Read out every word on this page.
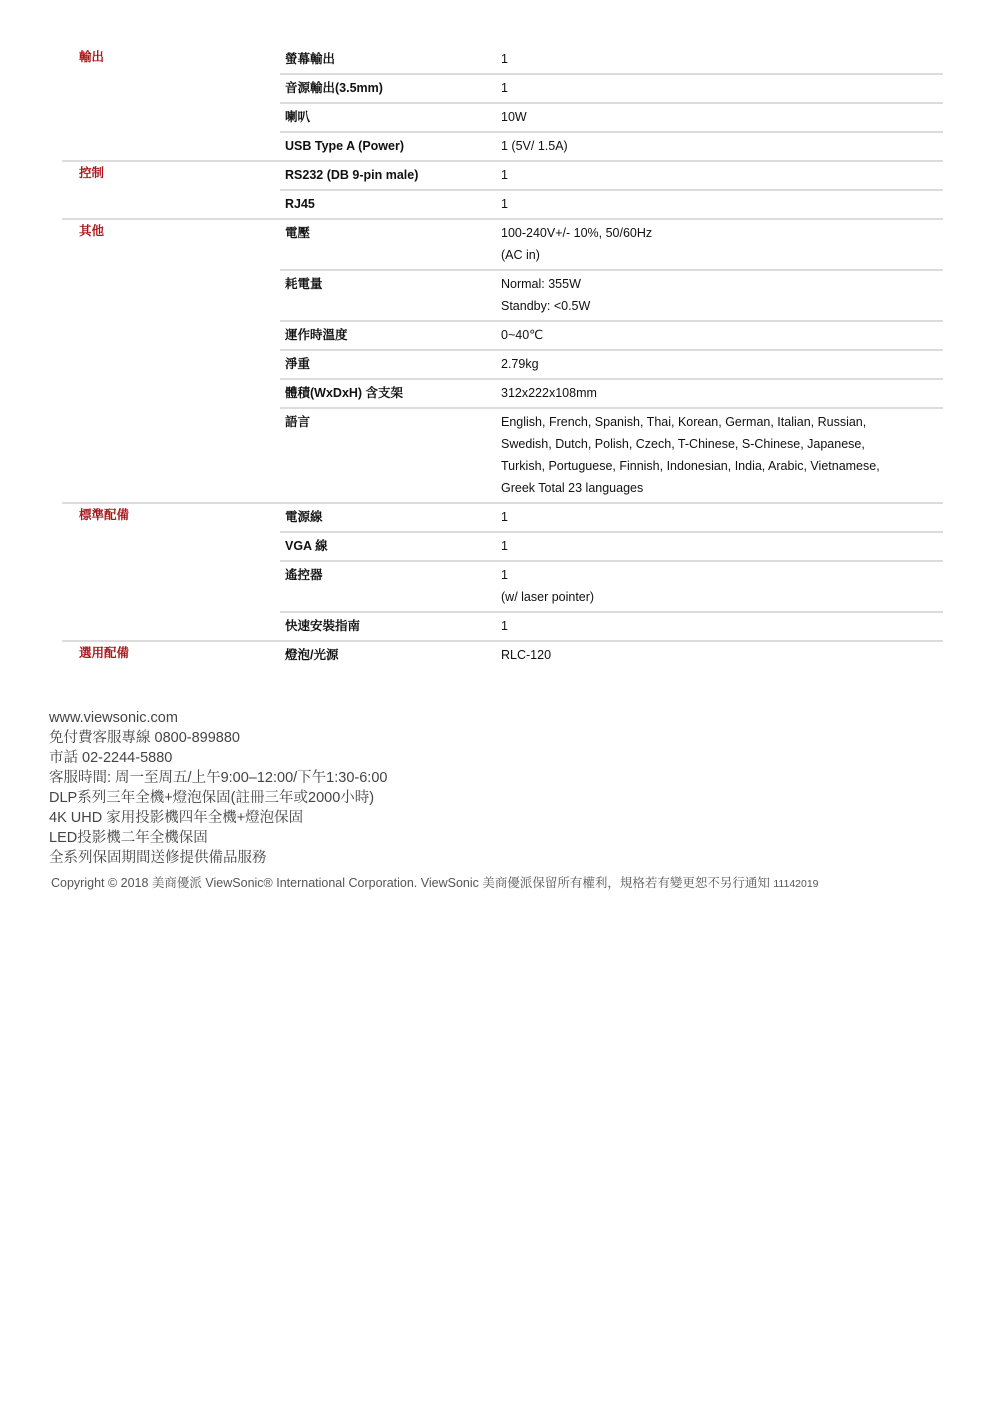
輸出	螢幕輸出	1

	音源輸出(3.5mm)	1

	喇叭	10W

	USB Type A (Power)	1 (5V/ 1.5A)

控制	RS232 (DB 9-pin male)	1

	RJ45	1

其他	電壓	100-240V+/- 10%, 50/60Hz
(AC in)

	耗電量	Normal: 355W
Standby: <0.5W

	運作時溫度	0~40℃

	淨重	2.79kg

	體積(WxDxH) 含支架	312x222x108mm

	語言	English, French, Spanish, Thai, Korean, German, Italian, Russian,
Swedish, Dutch, Polish, Czech, T-Chinese, S-Chinese, Japanese,
Turkish, Portuguese, Finnish, Indonesian, India, Arabic, Vietnamese,
Greek Total 23 languages

標準配備	電源線	1

	VGA 線	1

	遙控器	1
(w/ laser pointer)

	快速安裝指南	1

選用配備	燈泡/光源	RLC-120
www.viewsonic.com
免付費客服專線 0800-899880
市話 02-2244-5880
客服時間: 周一至周五/上午9:00–12:00/下午1:30-6:00
DLP系列三年全機+燈泡保固(註冊三年或2000小時)
4K UHD 家用投影機四年全機+燈泡保固
LED投影機二年全機保固
全系列保固期間送修提供備品服務
Copyright © 2018 美商優派 ViewSonic® International Corporation. ViewSonic 美商優派保留所有權利，規格若有變更恕不另行通知 11142019
